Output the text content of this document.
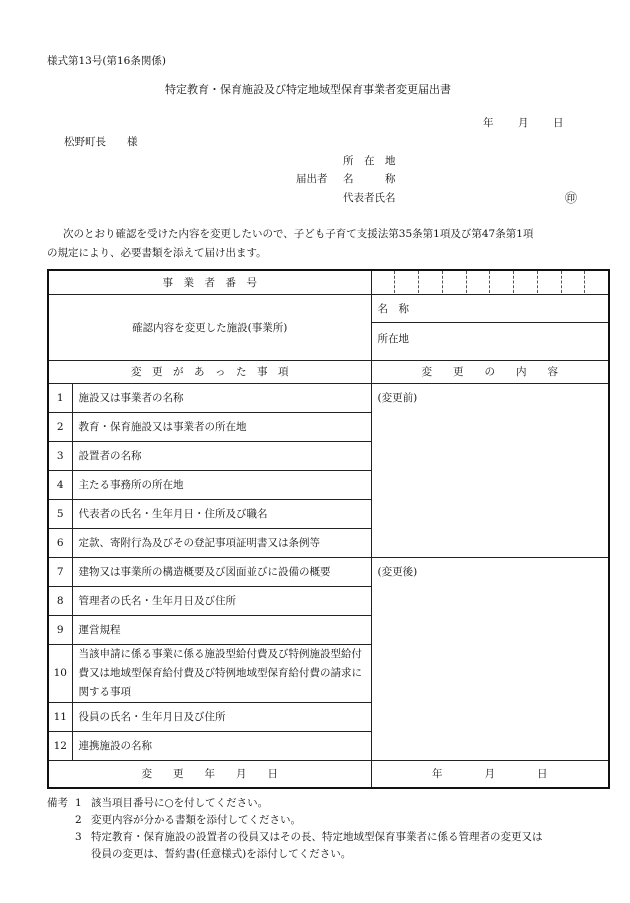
様式第13号(第16条関係)
特定教育・保育施設及び特定地域型保育事業者変更届出書
年 月 日
松野町長　　様
所　在　地
届出者 名　　　称
代表者氏名	㊞
次のとおり確認を受けた内容を変更したいので、子ども子育て支援法第35条第1項及び第47条第1項
の規定により、必要書類を添えて届け出ます。
事　業　者　番　号		

確認内容を変更した施設(事業所)		名　称
		所在地
変　更　が　あ　っ　た　事　項		変　　更　　の　　内　　容
1	施設又は事業者の名称	(変更前)
2	教育・保育施設又は事業者の所在地	
3	設置者の名称	
4	主たる事務所の所在地	
5	代表者の氏名・生年月日・住所及び職名	
6	定款、寄附行為及びその登記事項証明書又は条例等	
7	建物又は事業所の構造概要及び図面並びに設備の概要	(変更後)
8	管理者の氏名・生年月日及び住所	
9	運営規程	
10	当該申請に係る事業に係る施設型給付費及び特例施設型給付費又は地域型保育給付費及び特例地域型保育給付費の請求に関する事項	
11	役員の氏名・生年月日及び住所	
12	連携施設の名称	
変　　更　　年　　月　　日		年　　　　月　　　　日
備考 1 該当項目番号に○を付してください。
2 変更内容が分かる書類を添付してください。
3 特定教育・保育施設の設置者の役員又はその長、特定地域型保育事業者に係る管理者の変更又は
役員の変更は、誓約書(任意様式)を添付してください。
